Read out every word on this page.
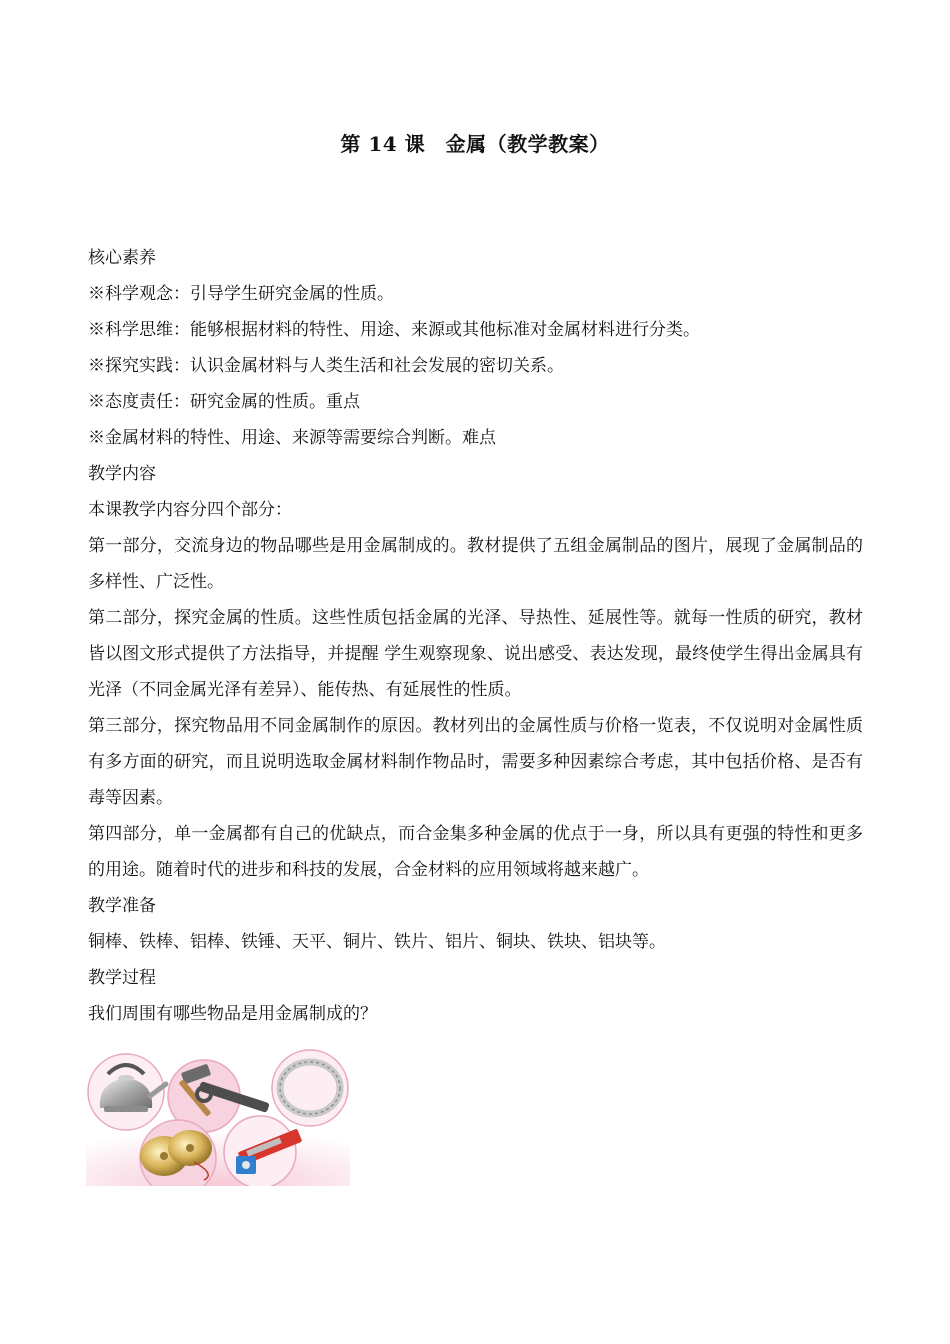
第 14 课　金属（教学教案）
核心素养
※科学观念：引导学生研究金属的性质。
※科学思维：能够根据材料的特性、用途、来源或其他标准对金属材料进行分类。
※探究实践：认识金属材料与人类生活和社会发展的密切关系。
※态度责任：研究金属的性质。重点
※金属材料的特性、用途、来源等需要综合判断。难点
教学内容
本课教学内容分四个部分：
第一部分，交流身边的物品哪些是用金属制成的。教材提供了五组金属制品的图片，展现了金属制品的多样性、广泛性。
第二部分，探究金属的性质。这些性质包括金属的光泽、导热性、延展性等。就每一性质的研究，教材皆以图文形式提供了方法指导，并提醒 学生观察现象、说出感受、表达发现，最终使学生得出金属具有光泽（不同金属光泽有差异）、能传热、有延展性的性质。
第三部分，探究物品用不同金属制作的原因。教材列出的金属性质与价格一览表，不仅说明对金属性质有多方面的研究，而且说明选取金属材料制作物品时，需要多种因素综合考虑，其中包括价格、是否有毒等因素。
第四部分，单一金属都有自己的优缺点，而合金集多种金属的优点于一身，所以具有更强的特性和更多的用途。随着时代的进步和科技的发展，合金材料的应用领域将越来越广。
教学准备
铜棒、铁棒、铝棒、铁锤、天平、铜片、铁片、铝片、铜块、铁块、铝块等。
教学过程
我们周围有哪些物品是用金属制成的？
